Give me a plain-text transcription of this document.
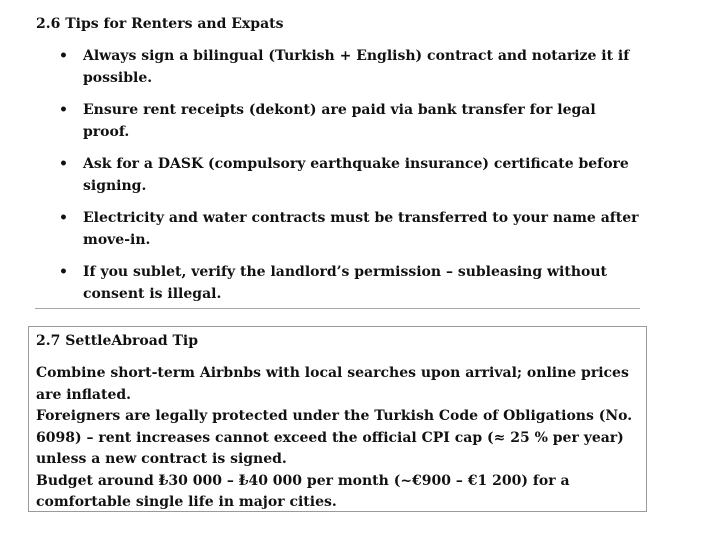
2.6 Tips for Renters and Expats
• Always sign a bilingual (Turkish + English) contract and notarize it if possible.
• Ensure rent receipts (dekont) are paid via bank transfer for legal proof.
• Ask for a DASK (compulsory earthquake insurance) certificate before signing.
• Electricity and water contracts must be transferred to your name after move-in.
• If you sublet, verify the landlord’s permission – subleasing without consent is illegal.
2.7 SettleAbroad Tip

Combine short-term Airbnbs with local searches upon arrival; online prices are inflated.

Foreigners are legally protected under the Turkish Code of Obligations (No. 6098) – rent increases cannot exceed the official CPI cap (≈ 25 % per year) unless a new contract is signed.

Budget around ₺30 000 – ₺40 000 per month (~€900 – €1 200) for a comfortable single life in major cities.
